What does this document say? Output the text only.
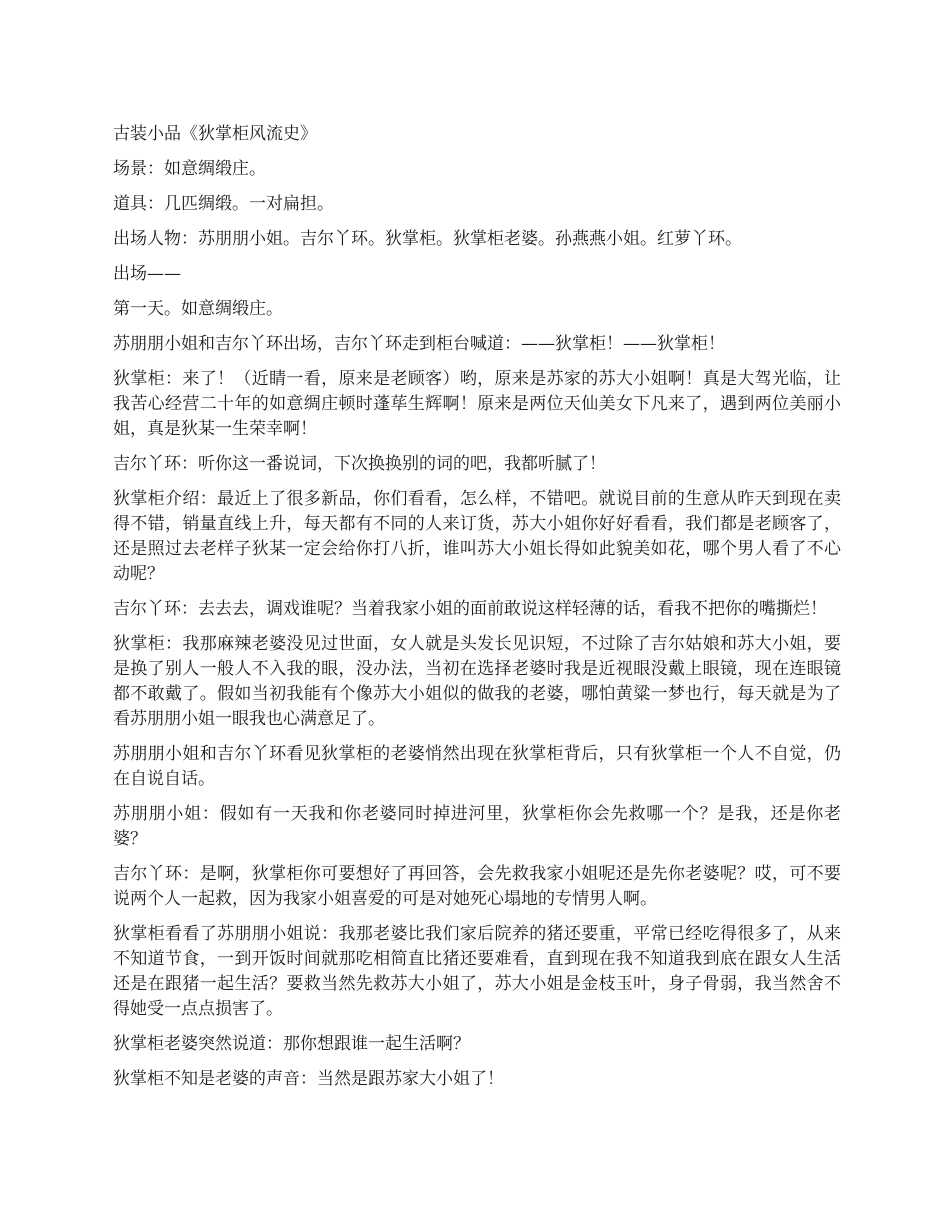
古装小品《狄掌柜风流史》

场景：如意绸缎庄。

道具：几匹绸缎。一对扁担。

出场人物：苏朋朋小姐。吉尔丫环。狄掌柜。狄掌柜老婆。孙燕燕小姐。红萝丫环。

出场——

第一天。如意绸缎庄。

苏朋朋小姐和吉尔丫环出场，吉尔丫环走到柜台喊道：——狄掌柜！——狄掌柜！

狄掌柜：来了！（近睛一看，原来是老顾客）哟，原来是苏家的苏大小姐啊！真是大驾光临，让我苦心经营二十年的如意绸庄顿时蓬荜生辉啊！原来是两位天仙美女下凡来了，遇到两位美丽小姐，真是狄某一生荣幸啊！

吉尔丫环：听你这一番说词，下次换换别的词的吧，我都听腻了！

狄掌柜介绍：最近上了很多新品，你们看看，怎么样，不错吧。就说目前的生意从昨天到现在卖得不错，销量直线上升，每天都有不同的人来订货，苏大小姐你好好看看，我们都是老顾客了，还是照过去老样子狄某一定会给你打八折，谁叫苏大小姐长得如此貌美如花，哪个男人看了不心动呢？

吉尔丫环：去去去，调戏谁呢？当着我家小姐的面前敢说这样轻薄的话，看我不把你的嘴撕烂！

狄掌柜：我那麻辣老婆没见过世面，女人就是头发长见识短，不过除了吉尔姑娘和苏大小姐，要是换了别人一般人不入我的眼，没办法，当初在选择老婆时我是近视眼没戴上眼镜，现在连眼镜都不敢戴了。假如当初我能有个像苏大小姐似的做我的老婆，哪怕黄粱一梦也行，每天就是为了看苏朋朋小姐一眼我也心满意足了。

苏朋朋小姐和吉尔丫环看见狄掌柜的老婆悄然出现在狄掌柜背后，只有狄掌柜一个人不自觉，仍在自说自话。

苏朋朋小姐：假如有一天我和你老婆同时掉进河里，狄掌柜你会先救哪一个？是我，还是你老婆？

吉尔丫环：是啊，狄掌柜你可要想好了再回答，会先救我家小姐呢还是先你老婆呢？哎，可不要说两个人一起救，因为我家小姐喜爱的可是对她死心塌地的专情男人啊。

狄掌柜看看了苏朋朋小姐说：我那老婆比我们家后院养的猪还要重，平常已经吃得很多了，从来不知道节食，一到开饭时间就那吃相简直比猪还要难看，直到现在我不知道我到底在跟女人生活还是在跟猪一起生活？要救当然先救苏大小姐了，苏大小姐是金枝玉叶，身子骨弱，我当然舍不得她受一点点损害了。

狄掌柜老婆突然说道：那你想跟谁一起生活啊？

狄掌柜不知是老婆的声音：当然是跟苏家大小姐了！
